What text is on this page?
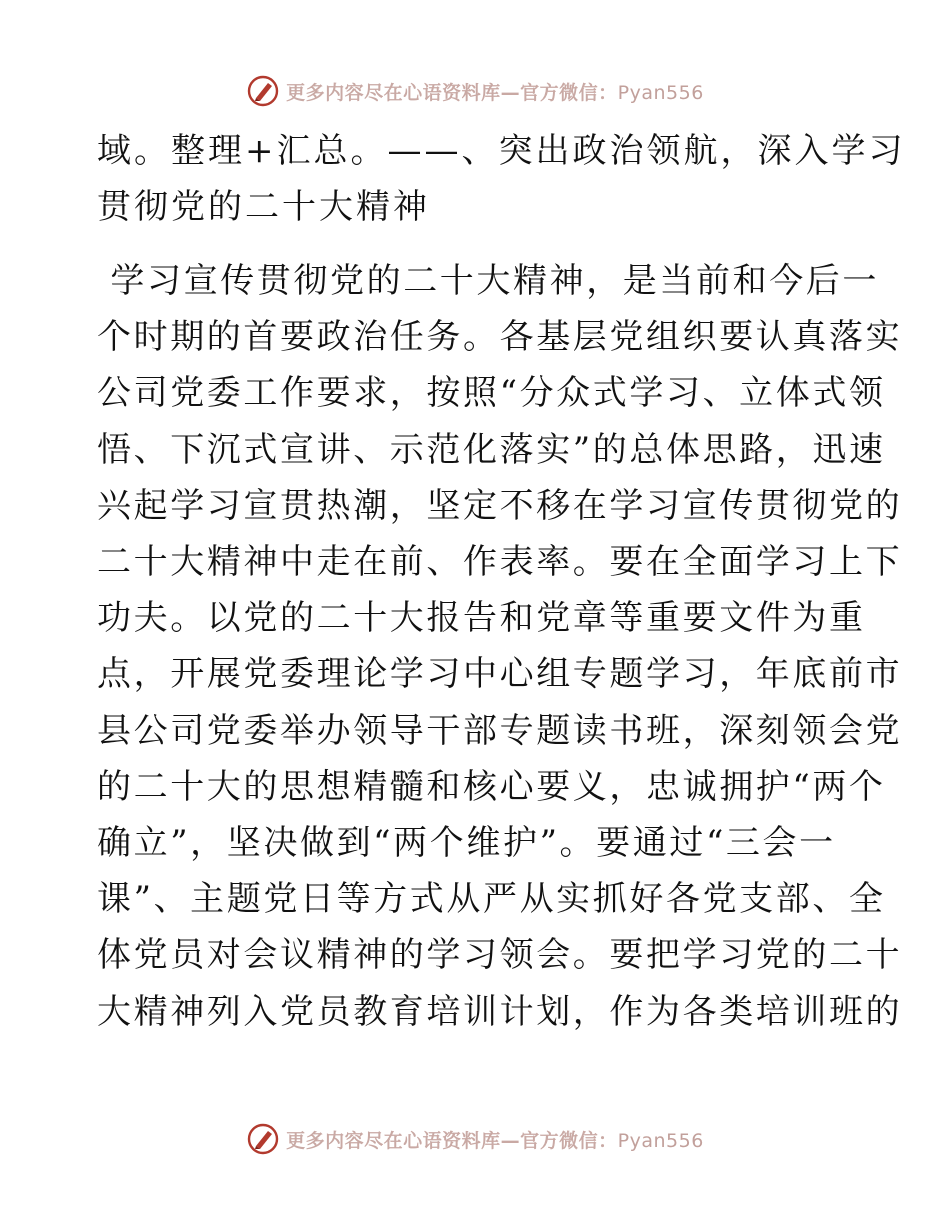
更多内容尽在心语资料库—官方微信：Pyan556
域。整理+汇总。——、突出政治领航，深入学习
贯彻党的二十大精神

学习宣传贯彻党的二十大精神，是当前和今后一
个时期的首要政治任务。各基层党组织要认真落实
公司党委工作要求，按照“分众式学习、立体式领
悟、下沉式宣讲、示范化落实”的总体思路，迅速
兴起学习宣贯热潮，坚定不移在学习宣传贯彻党的
二十大精神中走在前、作表率。要在全面学习上下
功夫。以党的二十大报告和党章等重要文件为重
点，开展党委理论学习中心组专题学习，年底前市
县公司党委举办领导干部专题读书班，深刻领会党
的二十大的思想精髓和核心要义，忠诚拥护“两个
确立”，坚决做到“两个维护”。要通过“三会一
课”、主题党日等方式从严从实抓好各党支部、全
体党员对会议精神的学习领会。要把学习党的二十
大精神列入党员教育培训计划，作为各类培训班的

更多内容尽在心语资料库—官方微信：Pyan556
